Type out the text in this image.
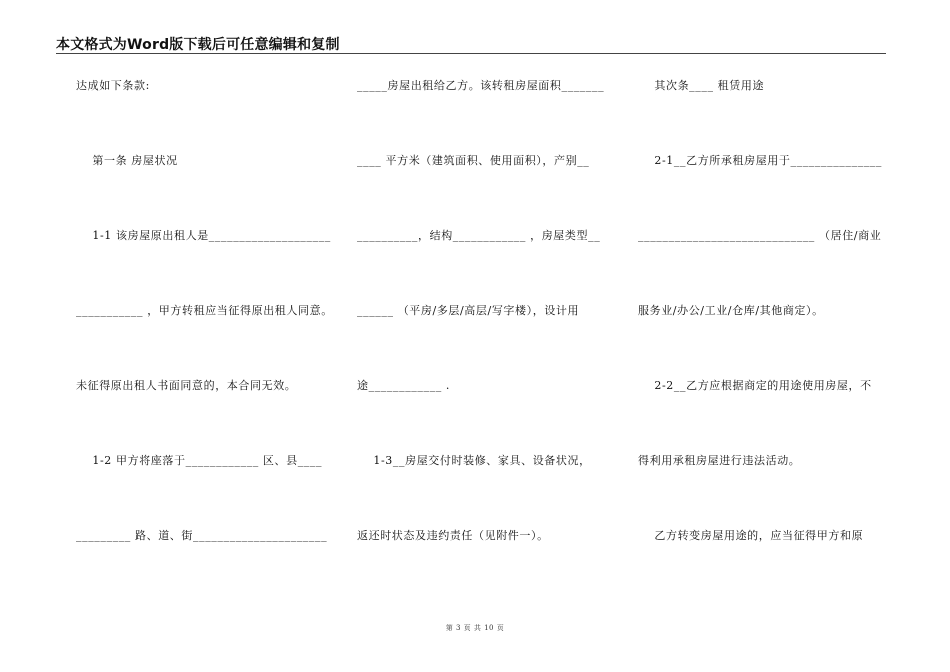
本文格式为Word版下载后可任意编辑和复制
达成如下条款:
第一条 房屋状况
1-1 该房屋原出租人是____________________
___________ ，甲方转租应当征得原出租人同意。
未征得原出租人书面同意的，本合同无效。
1-2 甲方将座落于____________ 区、县____
_________ 路、道、街______________________
_____房屋出租给乙方。该转租房屋面积_______
____ 平方米（建筑面积、使用面积），产别__
__________，结构____________ ，房屋类型__
______ （平房/多层/高层/写字楼），设计用
途____________ .
1-3__房屋交付时装修、家具、设备状况，
返还时状态及违约责任（见附件一）。
其次条____ 租赁用途
2-1__乙方所承租房屋用于_______________
_____________________________ （居住/商业
服务业/办公/工业/仓库/其他商定）。
2-2__乙方应根据商定的用途使用房屋，不
得利用承租房屋进行违法活动。
乙方转变房屋用途的，应当征得甲方和原
第 3 页 共 10 页
